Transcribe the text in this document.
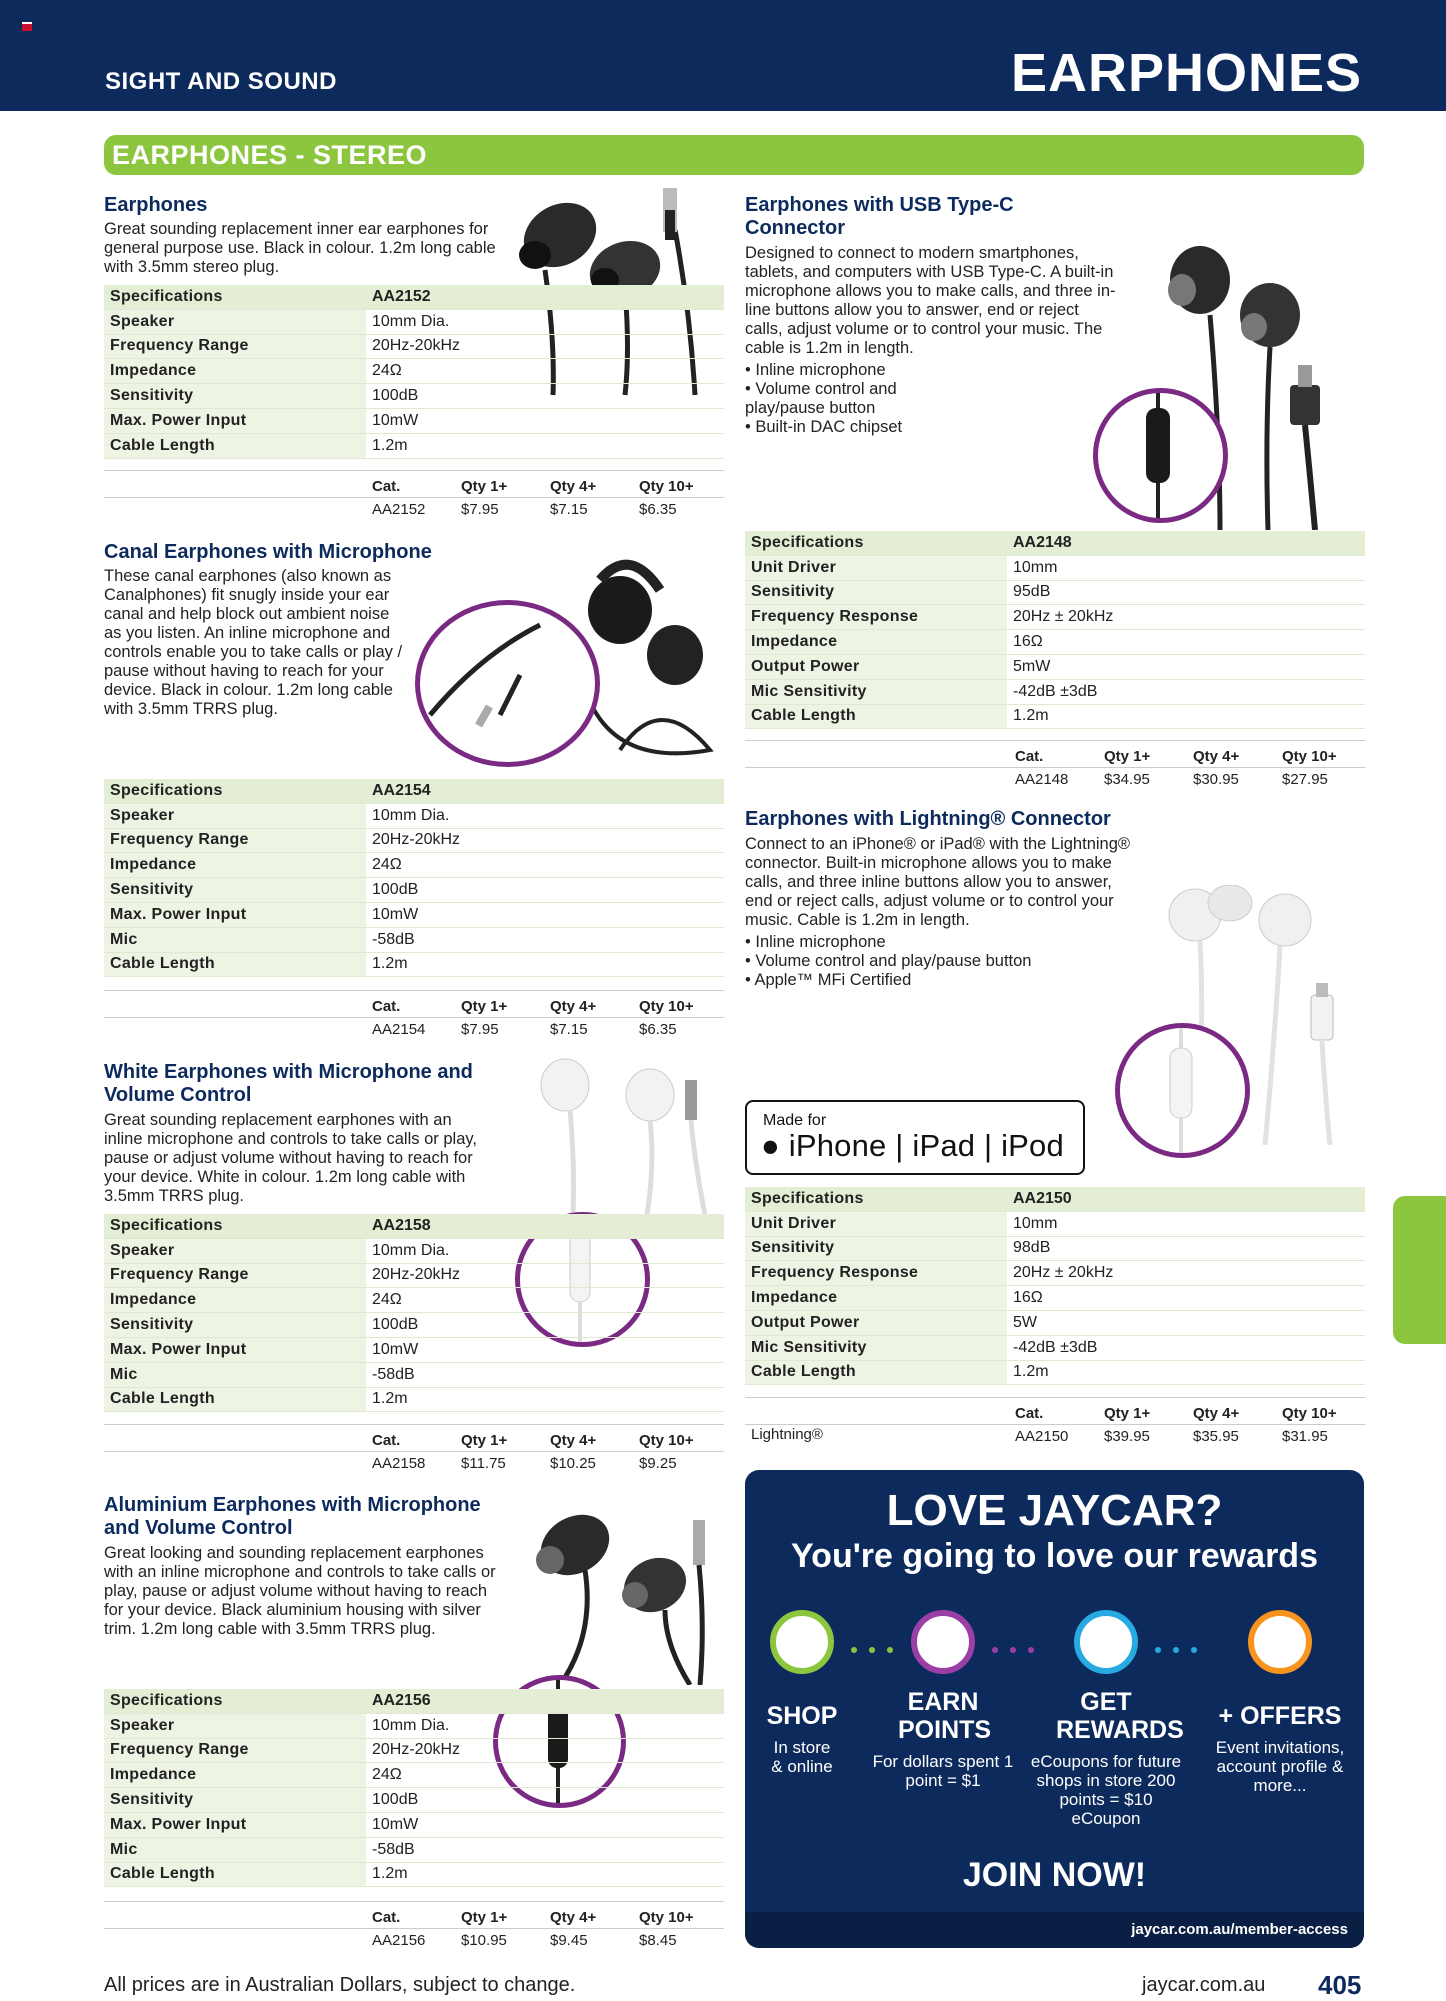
SIGHT AND SOUND	EARPHONES
EARPHONES - STEREO
Earphones
Great sounding replacement inner ear earphones for general purpose use. Black in colour. 1.2m long cable with 3.5mm stereo plug.
Specifications	AA2152
Speaker	10mm Dia.
Frequency Range	20Hz-20kHz
Impedance	24Ω
Sensitivity	100dB
Max. Power Input	10mW
Cable Length	1.2m
Cat.	Qty 1+	Qty 4+	Qty 10+
AA2152 $7.95	$7.15	$6.35
Canal Earphones with Microphone
These canal earphones (also known as Canalphones) fit snugly inside your ear canal and help block out ambient noise as you listen. An inline microphone and controls enable you to take calls or play / pause without having to reach for your device. Black in colour. 1.2m long cable with 3.5mm TRRS plug.
Specifications	AA2154
Speaker	10mm Dia.
Frequency Range	20Hz-20kHz
Impedance	24Ω
Sensitivity	100dB
Max. Power Input	10mW
Mic	-58dB
Cable Length	1.2m
Cat.	Qty 1+	Qty 4+	Qty 10+
AA2154 $7.95	$7.15	$6.35
White Earphones with Microphone and Volume Control
Great sounding replacement earphones with an inline microphone and controls to take calls or play, pause or adjust volume without having to reach for your device. White in colour. 1.2m long cable with 3.5mm TRRS plug.
Specifications	AA2158
Speaker	10mm Dia.
Frequency Range	20Hz-20kHz
Impedance	24Ω
Sensitivity	100dB
Max. Power Input	10mW
Mic	-58dB
Cable Length	1.2m
Cat.	Qty 1+	Qty 4+	Qty 10+
AA2158 $11.75	$10.25	$9.25
Aluminium Earphones with Microphone and Volume Control
Great looking and sounding replacement earphones with an inline microphone and controls to take calls or play, pause or adjust volume without having to reach for your device. Black aluminium housing with silver trim. 1.2m long cable with 3.5mm TRRS plug.
Specifications	AA2156
Speaker	10mm Dia.
Frequency Range	20Hz-20kHz
Impedance	24Ω
Sensitivity	100dB
Max. Power Input	10mW
Mic	-58dB
Cable Length	1.2m
Cat.	Qty 1+	Qty 4+	Qty 10+
AA2156 $10.95	$9.45	$8.45
Earphones with USB Type-C Connector
Designed to connect to modern smartphones, tablets, and computers with USB Type-C. A built-in microphone allows you to make calls, and three in-line buttons allow you to answer, end or reject calls, adjust volume or to control your music. The cable is 1.2m in length.
• Inline microphone
• Volume control and play/pause button
• Built-in DAC chipset
Specifications	AA2148
Unit Driver	10mm
Sensitivity	95dB
Frequency Response	20Hz ± 20kHz
Impedance	16Ω
Output Power	5mW
Mic Sensitivity	-42dB ±3dB
Cable Length	1.2m
Cat.	Qty 1+	Qty 4+	Qty 10+
AA2148 $34.95	$30.95	$27.95
Earphones with Lightning® Connector
Connect to an iPhone® or iPad® with the Lightning® connector. Built-in microphone allows you to make calls, and three inline buttons allow you to answer, end or reject calls, adjust volume or to control your music. Cable is 1.2m in length.
• Inline microphone
• Volume control and play/pause button
• Apple™ MFi Certified
Made for
● iPhone | iPad | iPod
Specifications	AA2150
Unit Driver	10mm
Sensitivity	98dB
Frequency Response	20Hz ± 20kHz
Impedance	16Ω
Output Power	5W
Mic Sensitivity	-42dB ±3dB
Cable Length	1.2m
Cat.	Qty 1+	Qty 4+	Qty 10+
Lightning®	AA2150 $39.95	$35.95	$31.95
LOVE JAYCAR?
You're going to love our rewards
SHOP
In store & online
EARN POINTS
For dollars spent 1 point = $1
GET REWARDS
eCoupons for future shops in store 200 points = $10 eCoupon
+ OFFERS
Event invitations, account profile & more...
JOIN NOW!
jaycar.com.au/member-access
All prices are in Australian Dollars, subject to change.	jaycar.com.au 405
